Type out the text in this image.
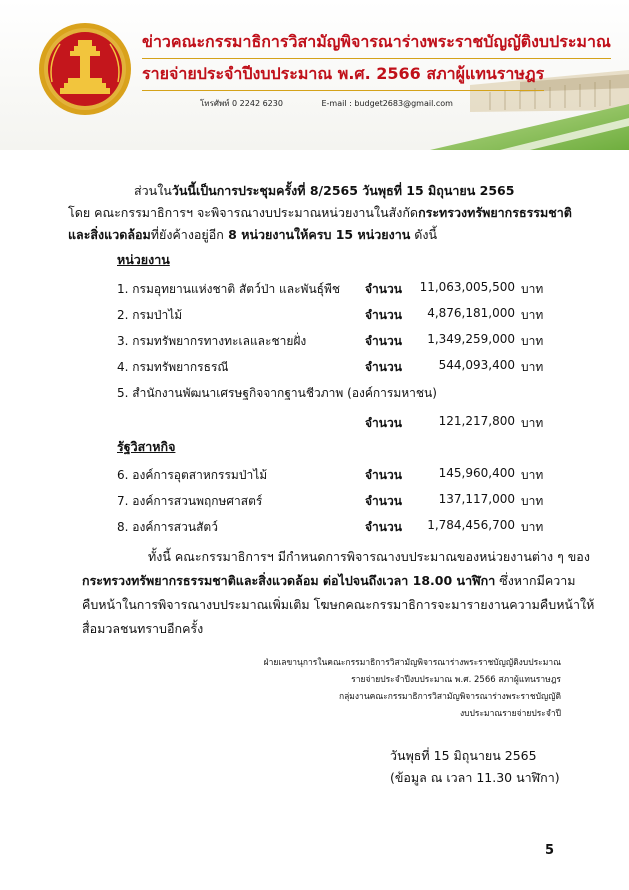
ข่าวคณะกรรมาธิการวิสามัญพิจารณาร่างพระราชบัญญัติงบประมาณ
รายจ่ายประจำปีงบประมาณ พ.ศ. 2566 สภาผู้แทนราษฎร
โทรศัพท์ 0 2242 6230	E-mail : budget2683@gmail.com

ส่วนในวันนี้เป็นการประชุมครั้งที่ 8/2565 วันพุธที่ 15 มิถุนายน 2565

โดย คณะกรรมาธิการฯ จะพิจารณางบประมาณหน่วยงานในสังกัดกระทรวงทรัพยากรธรรมชาติ

และสิ่งแวดล้อมที่ยังค้างอยู่อีก 8 หน่วยงานให้ครบ 15 หน่วยงาน ดังนี้

หน่วยงาน
1. กรมอุทยานแห่งชาติ สัตว์ป่า และพันธุ์พืช จำนวน 11,063,005,500 บาท
2. กรมป่าไม้	จำนวน	4,876,181,000 บาท
3. กรมทรัพยากรทางทะเลและชายฝั่ง	จำนวน	1,349,259,000 บาท
4. กรมทรัพยากรธรณี	จำนวน	544,093,400 บาท
5. สำนักงานพัฒนาเศรษฐกิจจากฐานชีวภาพ (องค์การมหาชน)
จำนวน	121,217,800 บาท
รัฐวิสาหกิจ
6. องค์การอุตสาหกรรมป่าไม้	จำนวน	145,960,400 บาท
7. องค์การสวนพฤกษศาสตร์	จำนวน	137,117,000 บาท
8. องค์การสวนสัตว์	จำนวน	1,784,456,700 บาท

ทั้งนี้ คณะกรรมาธิการฯ มีกำหนดการพิจารณางบประมาณของหน่วยงานต่าง ๆ ของ

กระทรวงทรัพยากรธรรมชาติและสิ่งแวดล้อม ต่อไปจนถึงเวลา 18.00 นาฬิกา ซึ่งหากมีความ

คืบหน้าในการพิจารณางบประมาณเพิ่มเติม โฆษกคณะกรรมาธิการจะมารายงานความคืบหน้าให้

สื่อมวลชนทราบอีกครั้ง

ฝ่ายเลขานุการในคณะกรรมาธิการวิสามัญพิจารณาร่างพระราชบัญญัติงบประมาณ

รายจ่ายประจำปีงบประมาณ พ.ศ. 2566 สภาผู้แทนราษฎร

กลุ่มงานคณะกรรมาธิการวิสามัญพิจารณาร่างพระราชบัญญัติ

งบประมาณรายจ่ายประจำปี

วันพุธที่ 15 มิถุนายน 2565

(ข้อมูล ณ เวลา 11.30 นาฬิกา)

5
